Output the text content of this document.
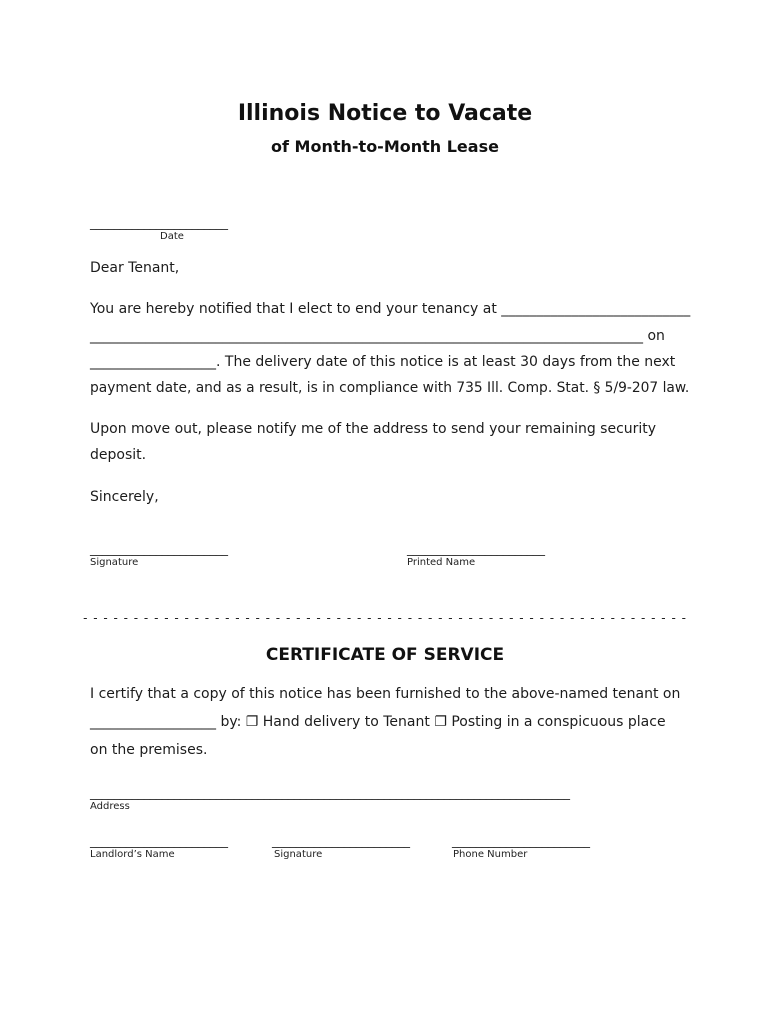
Illinois Notice to Vacate
of Month-to-Month Lease
_______________________
Date
Dear Tenant,
You are hereby notified that I elect to end your tenancy at ___________________________
_______________________________________________________________________________ on
__________________. The delivery date of this notice is at least 30 days from the next
payment date, and as a result, is in compliance with 735 Ill. Comp. Stat. § 5/9-207 law.
Upon move out, please notify me of the address to send your remaining security
deposit.
Sincerely,
_______________________
Signature
_______________________
Printed Name
- - - - - - - - - - - - - - - - - - - - - - - - - - - - - - - - - - - - - - - - - - - - - - - - - - - - - - - - - - - -
CERTIFICATE OF SERVICE
I certify that a copy of this notice has been furnished to the above-named tenant on
__________________ by: ❐ Hand delivery to Tenant ❐ Posting in a conspicuous place
on the premises.
________________________________________________________________________________
Address
_______________________
Landlord’s Name
_______________________
Signature
_______________________
Phone Number
